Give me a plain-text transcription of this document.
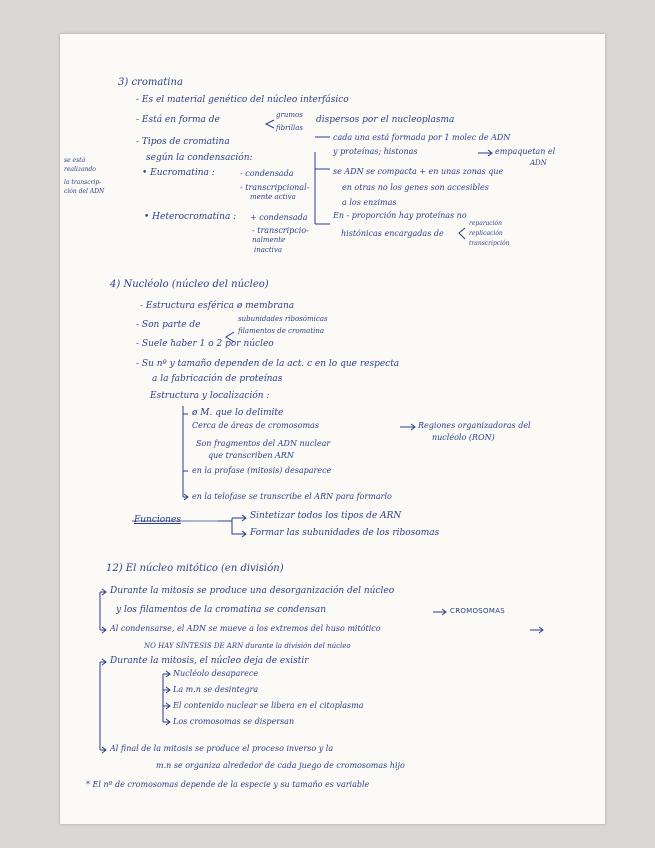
3) cromatina
- Es el material genético del núcleo interfásico
- Está en forma de	grumos
fibrillas
dispersos por el nucleoplasma
- Tipos de cromatina
según la condensación:
cada una está formada por 1 molec de ADN
y proteínas; histonas	empaquetan el
ADN
se está
realizando
la transcrip-
ción del ADN
• Eucromatina :	- condensada
- transcripcional-
mente activa
se ADN se compacta + en unas zonas que
en otras no los genes son accesibles
a los enzimas
• Heterocromatina : + condensada
- transcripcio-
nalmente
inactiva
En - proporción hay proteínas no
histónicas encargadas de
reparación
replicación
transcripción
4) Nucléolo (núcleo del núcleo)
- Estructura esférica ø membrana
- Son parte de
subunidades ribosómicas
filamentos de cromatina
- Suele haber 1 o 2 por núcleo
- Su nº y tamaño dependen de la act. c en lo que respecta
a la fabricación de proteínas
Estructura y localización :
ø M. que lo delimite
Cerca de áreas de cromosomas	Regiones organizadoras del
nucléolo (RON)
Son fragmentos del ADN nuclear
que transcriben ARN
en la profase (mitosis) desaparece
en la telofase se transcribe el ARN para formarlo
Funciones	Sintetizar todos los tipos de ARN
Formar las subunidades de los ribosomas
12) El núcleo mitótico (en división)
Durante la mitosis se produce una desorganización del núcleo
y los filamentos de la cromatina se condensan	CROMOSOMAS
Al condensarse, el ADN se mueve a los extremos del huso mitótico
NO HAY SÍNTESIS DE ARN durante la división del núcleo
Durante la mitosis, el núcleo deja de existir
Nucléolo desaparece
La m.n se desintegra
El contenido nuclear se libera en el citoplasma
Los cromosomas se dispersan
Al final de la mitosis se produce el proceso inverso y la
m.n se organiza alrededor de cada juego de cromosomas hijo
* El nº de cromosomas depende de la especie y su tamaño es variable
